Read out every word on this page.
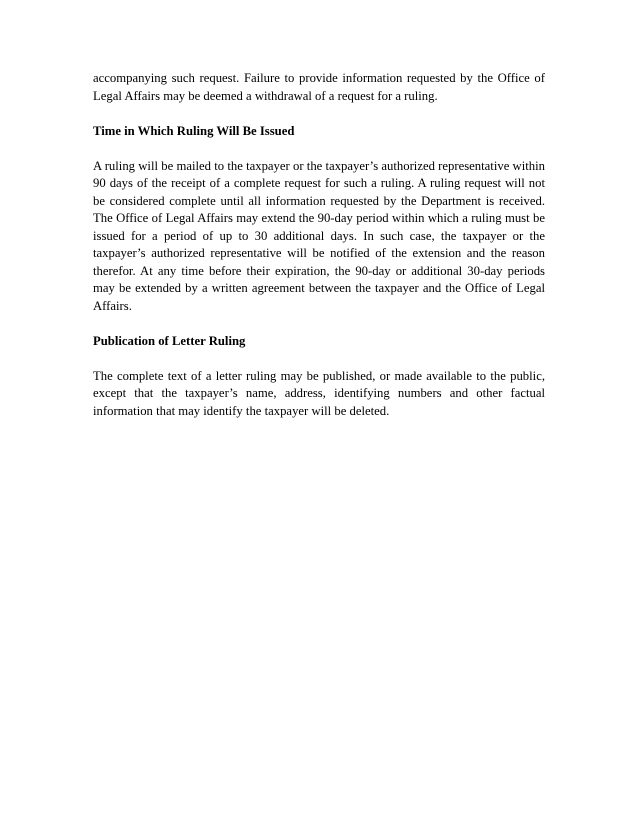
accompanying such request. Failure to provide information requested by the Office of Legal Affairs may be deemed a withdrawal of a request for a ruling.

Time in Which Ruling Will Be Issued

A ruling will be mailed to the taxpayer or the taxpayer’s authorized representative within 90 days of the receipt of a complete request for such a ruling. A ruling request will not be considered complete until all information requested by the Department is received. The Office of Legal Affairs may extend the 90-day period within which a ruling must be issued for a period of up to 30 additional days. In such case, the taxpayer or the taxpayer’s authorized representative will be notified of the extension and the reason therefor. At any time before their expiration, the 90-day or additional 30-day periods may be extended by a written agreement between the taxpayer and the Office of Legal Affairs.

Publication of Letter Ruling

The complete text of a letter ruling may be published, or made available to the public, except that the taxpayer’s name, address, identifying numbers and other factual information that may identify the taxpayer will be deleted.
